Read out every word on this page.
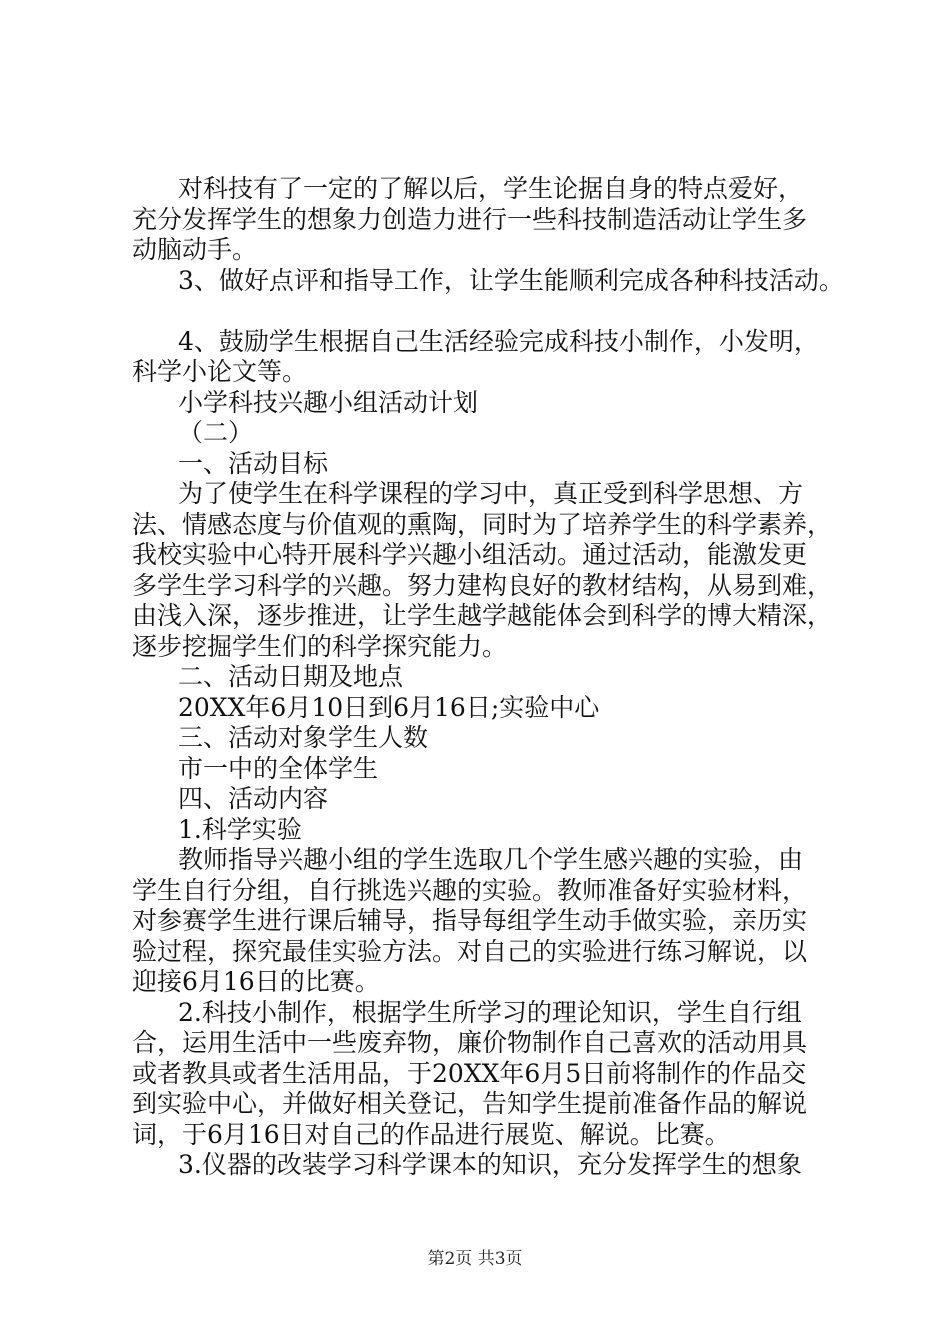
对科技有了一定的了解以后，学生论据自身的特点爱好，

充分发挥学生的想象力创造力进行一些科技制造活动让学生多

动脑动手。

3、做好点评和指导工作，让学生能顺利完成各种科技活动。

4、鼓励学生根据自己生活经验完成科技小制作，小发明，

科学小论文等。

小学科技兴趣小组活动计划

（二）

一、活动目标

为了使学生在科学课程的学习中，真正受到科学思想、方

法、情感态度与价值观的熏陶，同时为了培养学生的科学素养，

我校实验中心特开展科学兴趣小组活动。通过活动，能激发更

多学生学习科学的兴趣。努力建构良好的教材结构，从易到难，

由浅入深，逐步推进，让学生越学越能体会到科学的博大精深，

逐步挖掘学生们的科学探究能力。

二、活动日期及地点

20XX年6月10日到6月16日;实验中心

三、活动对象学生人数

市一中的全体学生

四、活动内容

1.科学实验

教师指导兴趣小组的学生选取几个学生感兴趣的实验，由

学生自行分组，自行挑选兴趣的实验。教师准备好实验材料，

对参赛学生进行课后辅导，指导每组学生动手做实验，亲历实

验过程，探究最佳实验方法。对自己的实验进行练习解说，以

迎接6月16日的比赛。

2.科技小制作，根据学生所学习的理论知识，学生自行组

合，运用生活中一些废弃物，廉价物制作自己喜欢的活动用具

或者教具或者生活用品，于20XX年6月5日前将制作的作品交

到实验中心，并做好相关登记，告知学生提前准备作品的解说

词，于6月16日对自己的作品进行展览、解说。比赛。

3.仪器的改装学习科学课本的知识，充分发挥学生的想象

第2页 共3页
